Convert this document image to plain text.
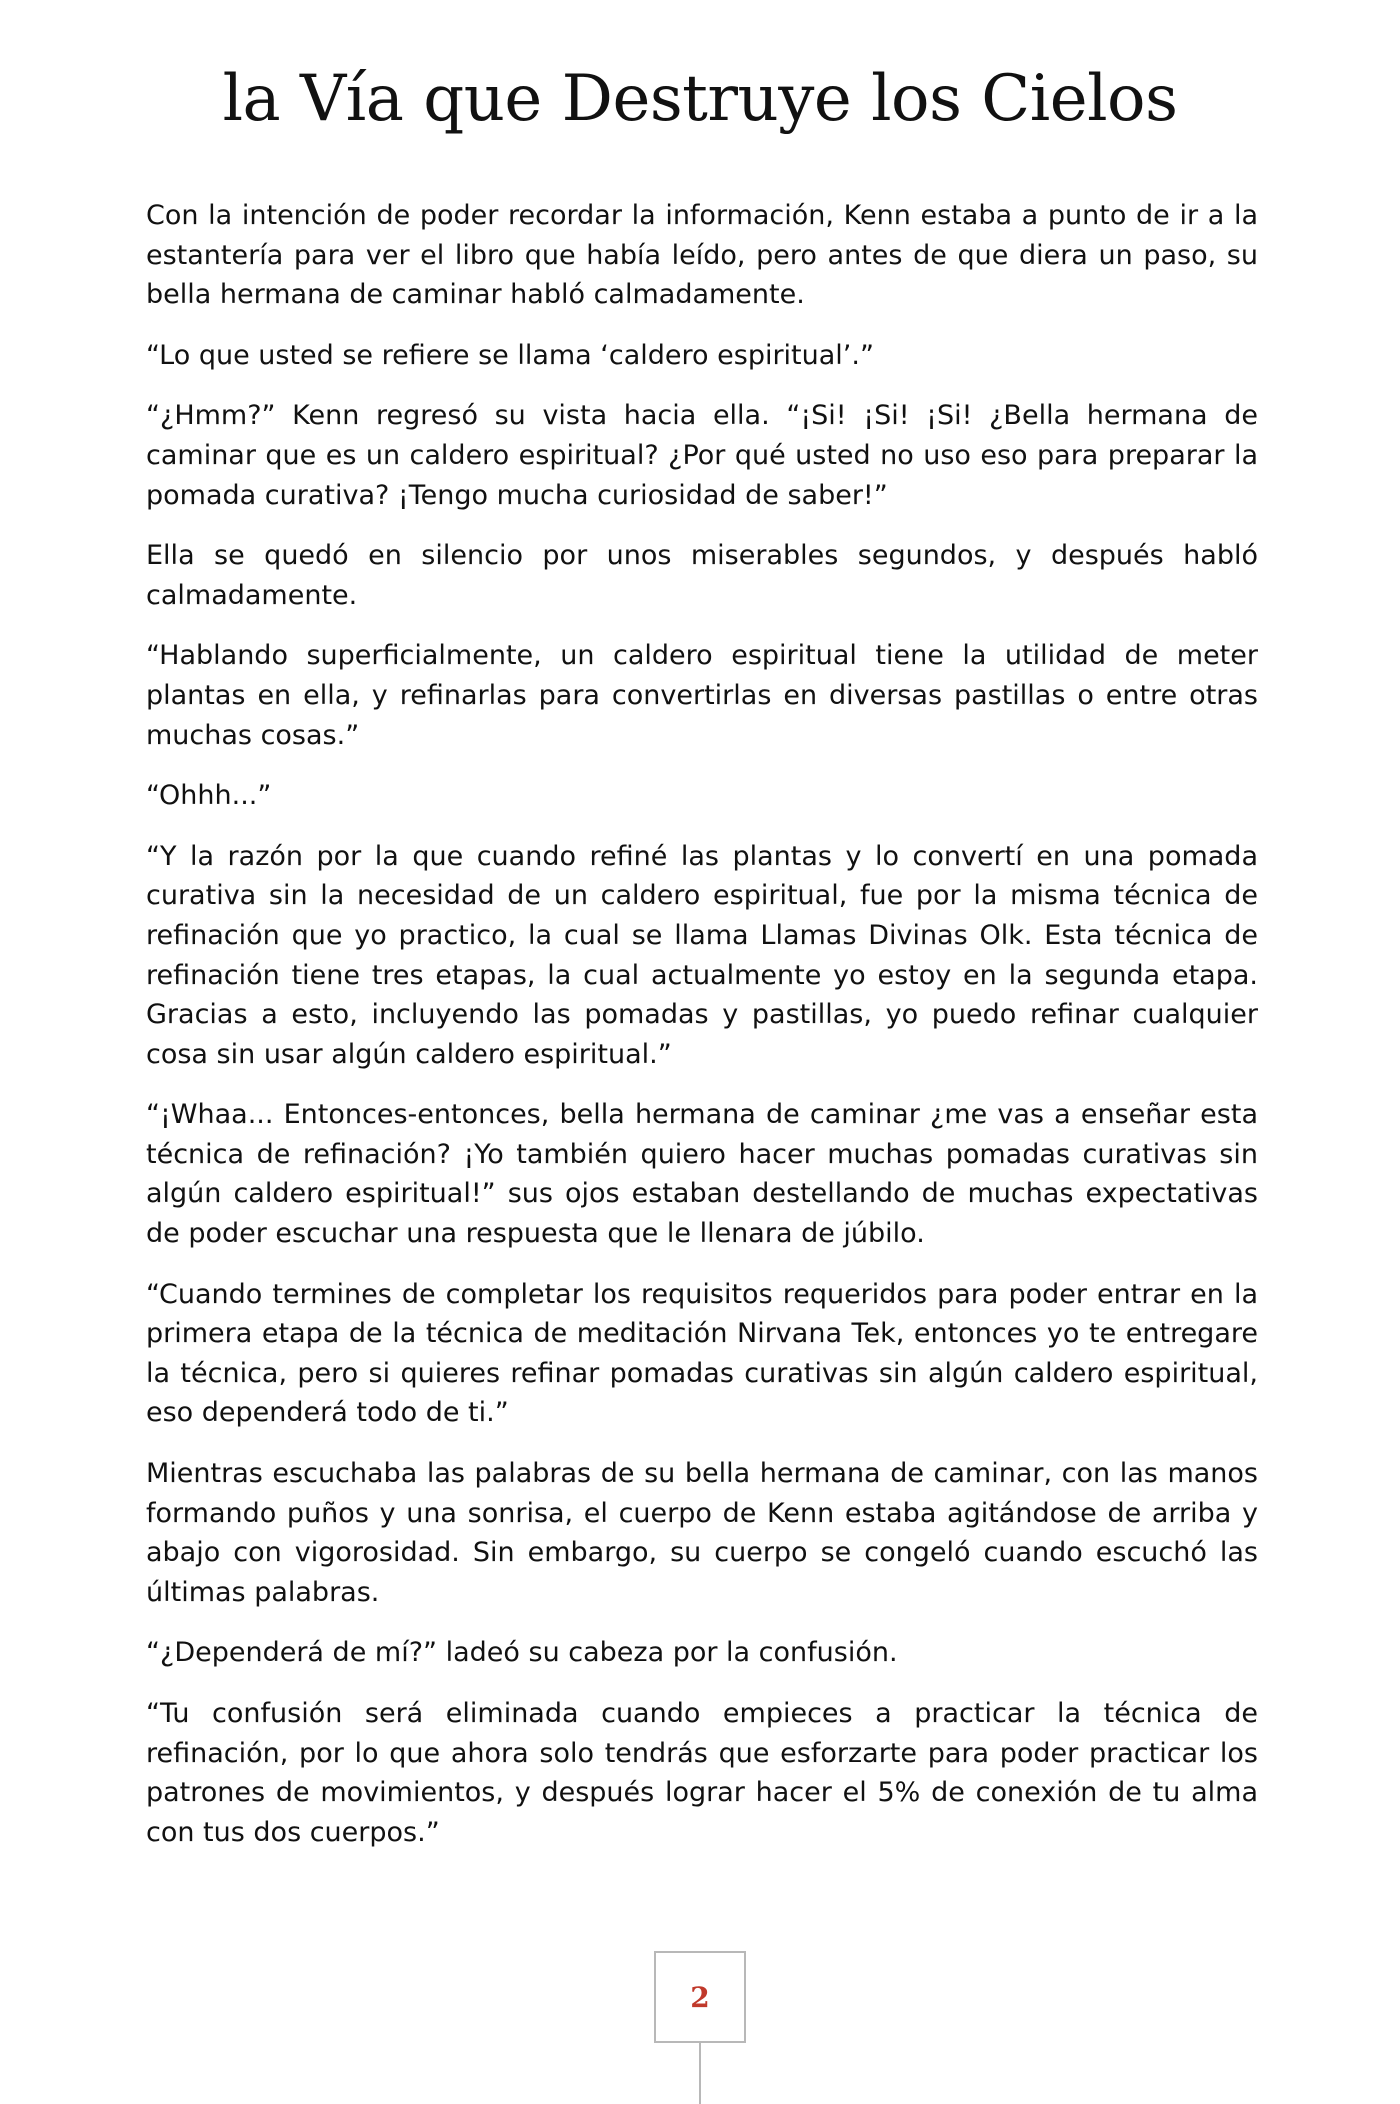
la Vía que Destruye los Cielos

Con la intención de poder recordar la información, Kenn estaba a punto de ir a la estantería para ver el libro que había leído, pero antes de que diera un paso, su bella hermana de caminar habló calmadamente.

“Lo que usted se refiere se llama ‘caldero espiritual’.”

“¿Hmm?” Kenn regresó su vista hacia ella. “¡Si! ¡Si! ¡Si! ¿Bella hermana de caminar que es un caldero espiritual? ¿Por qué usted no uso eso para preparar la pomada curativa? ¡Tengo mucha curiosidad de saber!”

Ella se quedó en silencio por unos miserables segundos, y después habló calmadamente.

“Hablando superficialmente, un caldero espiritual tiene la utilidad de meter plantas en ella, y refinarlas para convertirlas en diversas pastillas o entre otras muchas cosas.”

“Ohhh...”

“Y la razón por la que cuando refiné las plantas y lo convertí en una pomada curativa sin la necesidad de un caldero espiritual, fue por la misma técnica de refinación que yo practico, la cual se llama Llamas Divinas Olk. Esta técnica de refinación tiene tres etapas, la cual actualmente yo estoy en la segunda etapa. Gracias a esto, incluyendo las pomadas y pastillas, yo puedo refinar cualquier cosa sin usar algún caldero espiritual.”

“¡Whaa... Entonces-entonces, bella hermana de caminar ¿me vas a enseñar esta técnica de refinación? ¡Yo también quiero hacer muchas pomadas curativas sin algún caldero espiritual!” sus ojos estaban destellando de muchas expectativas de poder escuchar una respuesta que le llenara de júbilo.

“Cuando termines de completar los requisitos requeridos para poder entrar en la primera etapa de la técnica de meditación Nirvana Tek, entonces yo te entregare la técnica, pero si quieres refinar pomadas curativas sin algún caldero espiritual, eso dependerá todo de ti.”

Mientras escuchaba las palabras de su bella hermana de caminar, con las manos formando puños y una sonrisa, el cuerpo de Kenn estaba agitándose de arriba y abajo con vigorosidad. Sin embargo, su cuerpo se congeló cuando escuchó las últimas palabras.

“¿Dependerá de mí?” ladeó su cabeza por la confusión.

“Tu confusión será eliminada cuando empieces a practicar la técnica de refinación, por lo que ahora solo tendrás que esforzarte para poder practicar los patrones de movimientos, y después lograr hacer el 5% de conexión de tu alma con tus dos cuerpos.”

2
